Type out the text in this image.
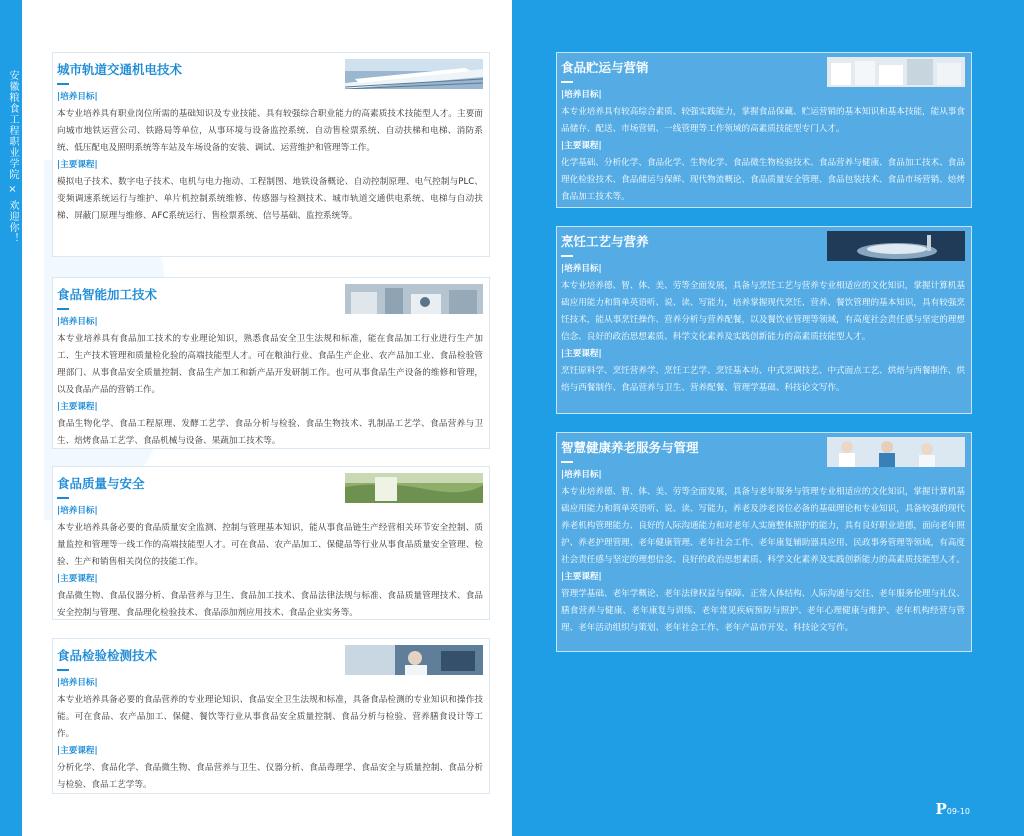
安徽粮食工程职业学院 × 欢迎你！
城市轨道交通机电技术
|培养目标|
本专业培养具有职业岗位所需的基础知识及专业技能、具有较强综合职业能力的高素质技术技能型人才。主要面向城市地铁运营公司、铁路局等单位，从事环境与设备监控系统、自动售检票系统、自动扶梯和电梯、消防系统、低压配电及照明系统等车站及车场设备的安装、调试、运营维护和管理等工作。
|主要课程|
模拟电子技术、数字电子技术、电机与电力拖动、工程制图、地铁设备概论、自动控制原理、电气控制与PLC、变频调速系统运行与维护、单片机控制系统维修、传感器与检测技术、城市轨道交通供电系统、电梯与自动扶梯、屏蔽门原理与维修、AFC系统运行、售检票系统、信号基础、监控系统等。
食品智能加工技术
|培养目标|
本专业培养具有食品加工技术的专业理论知识，熟悉食品安全卫生法规和标准，能在食品加工行业进行生产加工、生产技术管理和质量检化验的高端技能型人才。可在粮油行业、食品生产企业、农产品加工业、食品检验管理部门、从事食品安全质量控制、食品生产加工和新产品开发研制工作。也可从事食品生产设备的维修和管理，以及食品产品的营销工作。
|主要课程|
食品生物化学、食品工程原理、发酵工艺学、食品分析与检验、食品生物技术、乳制品工艺学、食品营养与卫生、焙烤食品工艺学、食品机械与设备、果蔬加工技术等。
食品质量与安全
|培养目标|
本专业培养具备必要的食品质量安全监测、控制与管理基本知识，能从事食品链生产经营相关环节安全控制、质量监控和管理等一线工作的高端技能型人才。可在食品、农产品加工、保健品等行业从事食品质量安全管理、检验、生产和销售相关岗位的技能工作。
|主要课程|
食品微生物、食品仪器分析、食品营养与卫生、食品加工技术、食品法律法规与标准、食品质量管理技术、食品安全控制与管理、食品理化检验技术、食品添加剂应用技术、食品企业实务等。
食品检验检测技术
|培养目标|
本专业培养具备必要的食品营养的专业理论知识、食品安全卫生法规和标准，具备食品检测的专业知识和操作技能。可在食品、农产品加工、保健、餐饮等行业从事食品安全质量控制、食品分析与检验、营养膳食设计等工作。
|主要课程|
分析化学、食品化学、食品微生物、食品营养与卫生、仪器分析、食品毒理学、食品安全与质量控制、食品分析与检验、食品工艺学等。
食品贮运与营销
|培养目标|
本专业培养具有较高综合素质、较强实践能力，掌握食品保藏、贮运营销的基本知识和基本技能，能从事食品储存、配送、市场营销、一线管理等工作领域的高素质技能型专门人才。
|主要课程|
化学基础、分析化学、食品化学、生物化学、食品微生物检验技术、食品营养与健康、食品加工技术、食品理化检验技术、食品储运与保鲜、现代物流概论、食品质量安全管理、食品包装技术、食品市场营销、焙烤食品加工技术等。
烹饪工艺与营养
|培养目标|
本专业培养德、智、体、美、劳等全面发展，具备与烹饪工艺与营养专业相适应的文化知识，掌握计算机基础应用能力和简单英语听、说、读、写能力，培养掌握现代烹饪、营养、餐饮管理的基本知识，具有较强烹饪技术，能从事烹饪操作、营养分析与营养配餐，以及餐饮业管理等领域，有高度社会责任感与坚定的理想信念、良好的政治思想素质、科学文化素养及实践创新能力的高素质技能型人才。
|主要课程|
烹饪原料学、烹饪营养学、烹饪工艺学、烹饪基本功、中式烹调技艺、中式面点工艺、烘焙与西餐制作、烘焙与西餐制作、食品营养与卫生、营养配餐、管理学基础、科技论文写作。
智慧健康养老服务与管理
|培养目标|
本专业培养德、智、体、美、劳等全面发展，具备与老年服务与管理专业相适应的文化知识，掌握计算机基础应用能力和简单英语听、说、读、写能力，养老及涉老岗位必备的基础理论和专业知识，具备较强的现代养老机构管理能力、良好的人际沟通能力和对老年人实施整体照护的能力，具有良好职业道德，面向老年照护、养老护理管理、老年健康管理、老年社会工作、老年康复辅助器具应用、民政事务管理等领域，有高度社会责任感与坚定的理想信念、良好的政治思想素质、科学文化素养及实践创新能力的高素质技能型人才。
|主要课程|
管理学基础、老年学概论、老年法律权益与保障、正常人体结构、人际沟通与交往、老年服务伦理与礼仪、膳食营养与健康、老年康复与训练、老年常见疾病预防与照护、老年心理健康与维护、老年机构经营与管理、老年活动组织与策划、老年社会工作、老年产品市开发、科技论文写作。
P09-10
